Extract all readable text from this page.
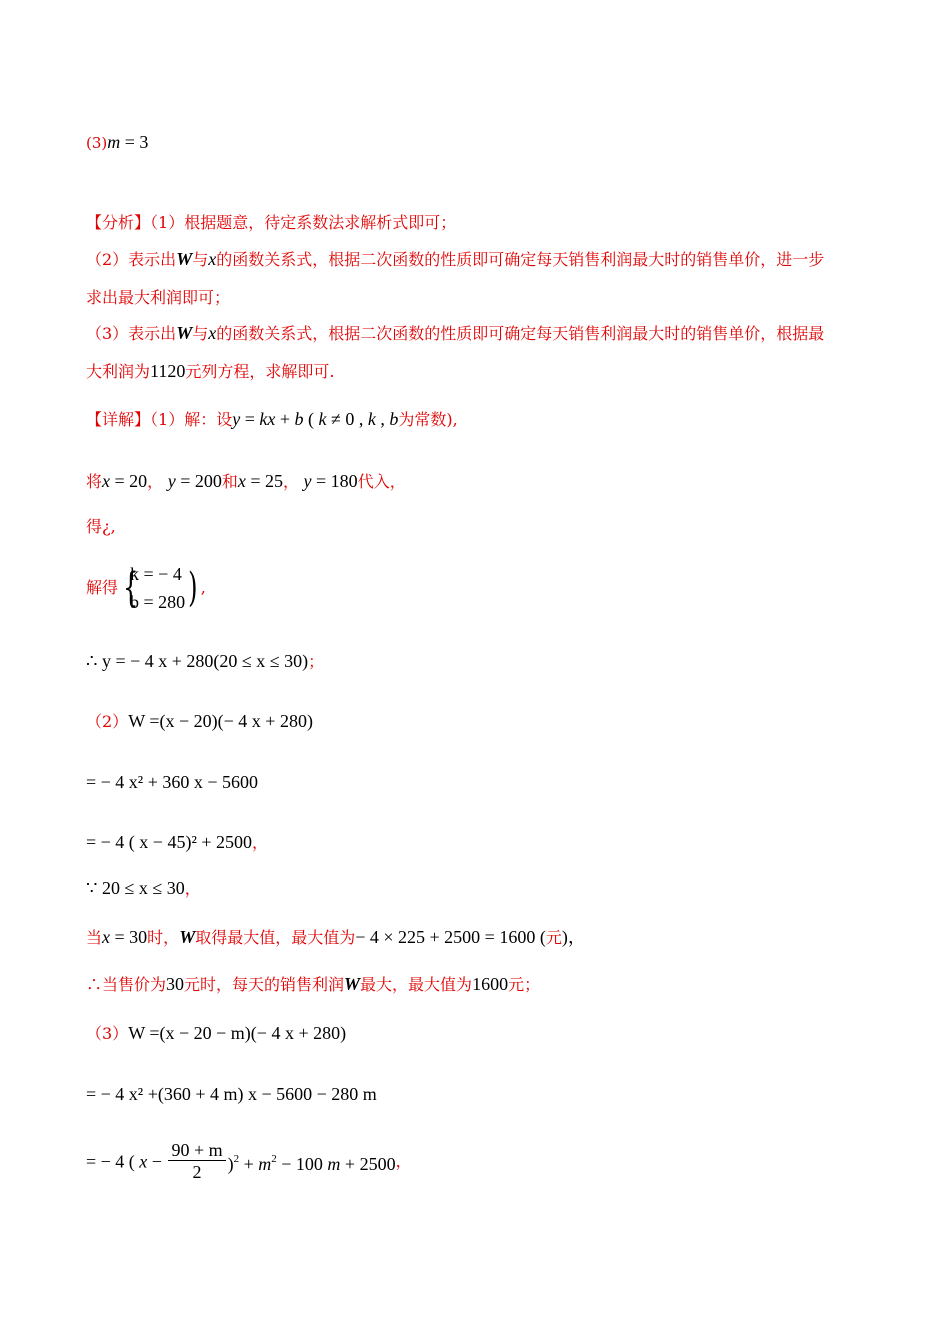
(3)m = 3
【分析】（1）根据题意，待定系数法求解析式即可；
（2）表示出W与x的函数关系式，根据二次函数的性质即可确定每天销售利润最大时的销售单价，进一步
求出最大利润即可；
（3）表示出W与x的函数关系式，根据二次函数的性质即可确定每天销售利润最大时的销售单价，根据最
大利润为1120元列方程，求解即可.
【详解】（1）解：设y = kx + b ( k ≠ 0 , k , b为常数),
将x = 20， y = 200和x = 25， y = 180代入，
得¿,
解得 {
k = − 4
b = 280 ) ,
∴ y = − 4 x + 280(20 ≤ x ≤ 30)；
（2）W =(x − 20)(− 4 x + 280)
= − 4 x² + 360 x − 5600
= − 4 ( x − 45)² + 2500，
∵ 20 ≤ x ≤ 30，
当x = 30时，W取得最大值，最大值为− 4 × 225 + 2500 = 1600 (元)，
∴当售价为30元时，每天的销售利润W最大，最大值为1600元；
（3）W =(x − 20 − m)(− 4 x + 280)
= − 4 x² +(360 + 4 m) x − 5600 − 280 m
= − 4 ( $x - \frac{90 + m}{2} )^2 + m^2 - 100$ m + 2500，
